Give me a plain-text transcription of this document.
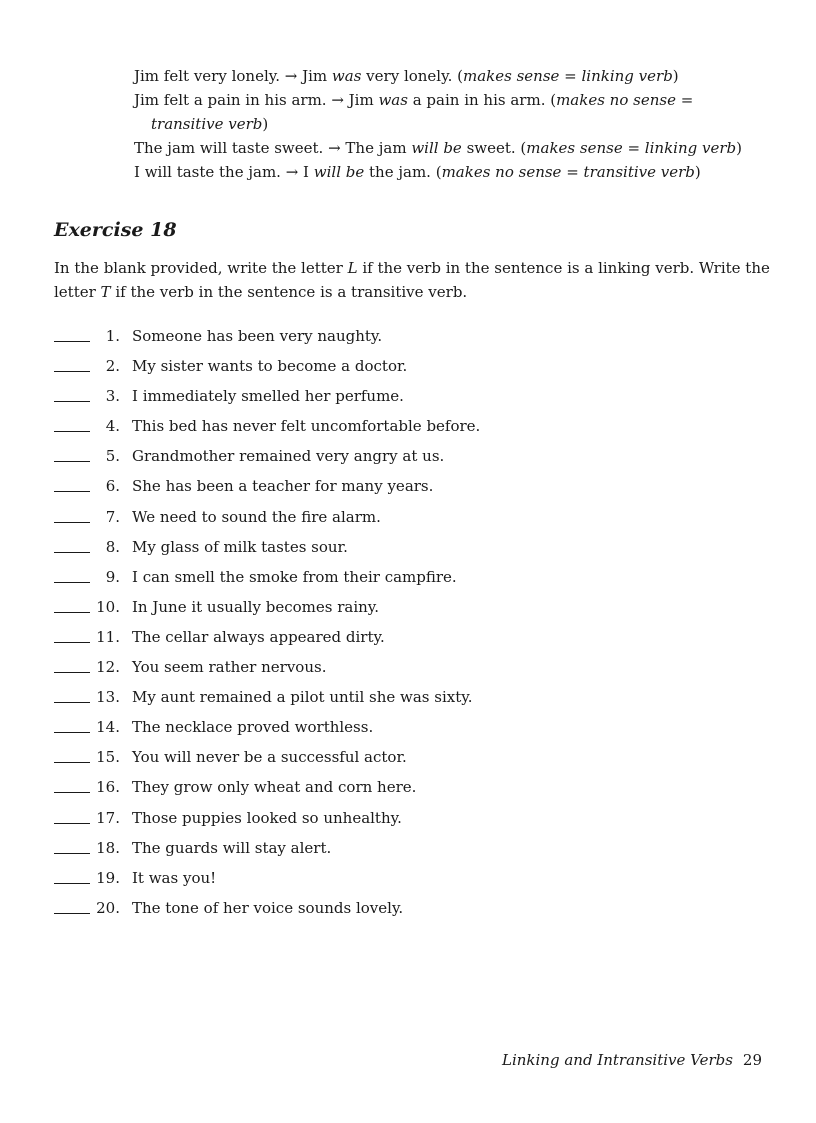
Jim felt very lonely. → Jim was very lonely. (makes sense = linking verb)
Jim felt a pain in his arm. → Jim was a pain in his arm. (makes no sense =
transitive verb)
The jam will taste sweet. → The jam will be sweet. (makes sense = linking verb)
I will taste the jam. → I will be the jam. (makes no sense = transitive verb)
Exercise 18
In the blank provided, write the letter L if the verb in the sentence is a linking verb. Write the letter T if the verb in the sentence is a transitive verb.
1. Someone has been very naughty.
2. My sister wants to become a doctor.
3. I immediately smelled her perfume.
4. This bed has never felt uncomfortable before.
5. Grandmother remained very angry at us.
6. She has been a teacher for many years.
7. We need to sound the fire alarm.
8. My glass of milk tastes sour.
9. I can smell the smoke from their campfire.
10. In June it usually becomes rainy.
11. The cellar always appeared dirty.
12. You seem rather nervous.
13. My aunt remained a pilot until she was sixty.
14. The necklace proved worthless.
15. You will never be a successful actor.
16. They grow only wheat and corn here.
17. Those puppies looked so unhealthy.
18. The guards will stay alert.
19. It was you!
20. The tone of her voice sounds lovely.
Linking and Intransitive Verbs 29
